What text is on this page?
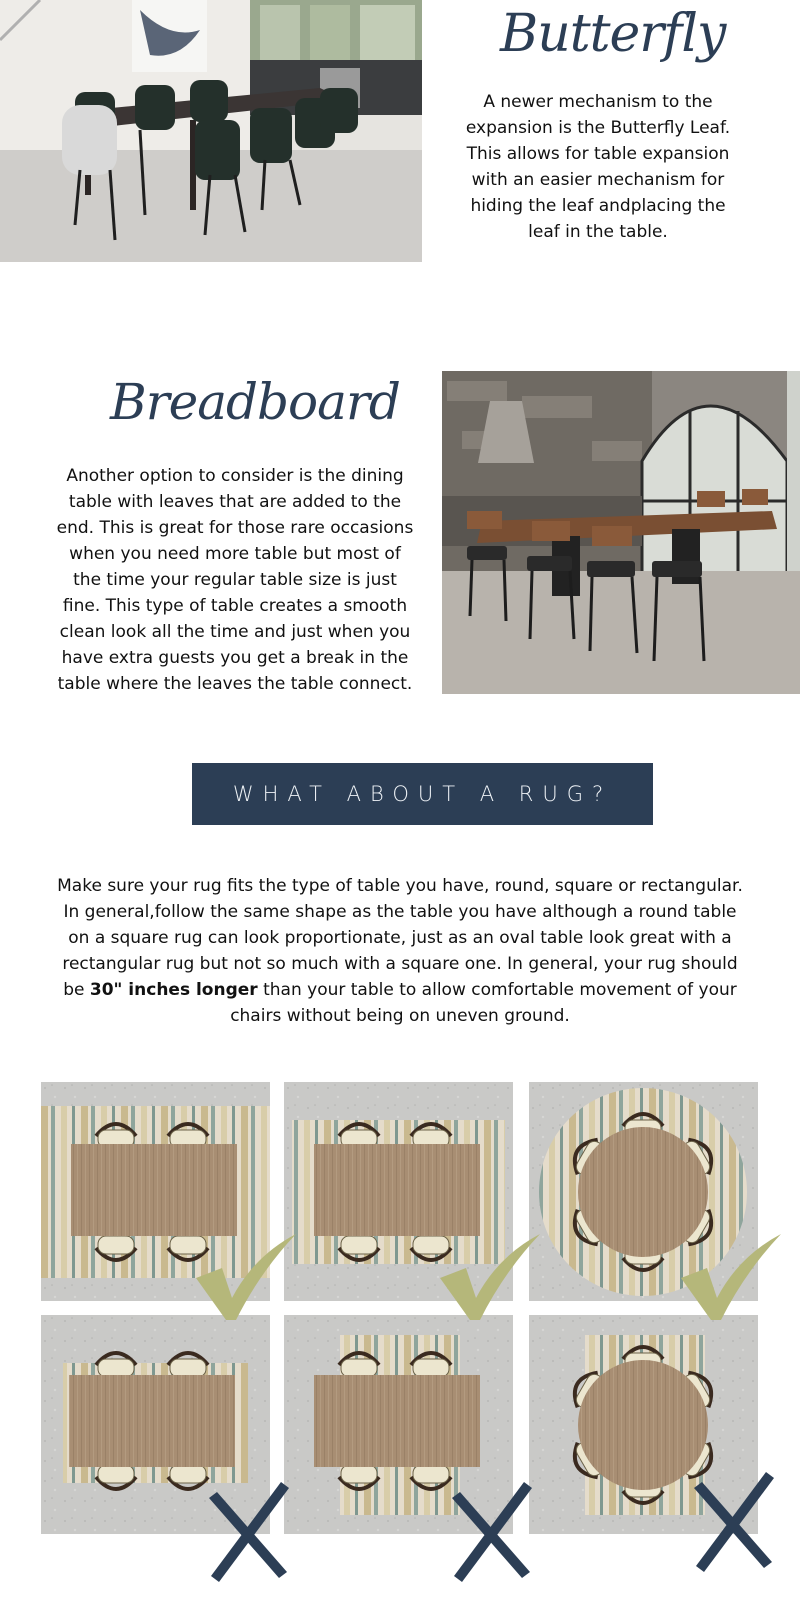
Butterfly
A newer mechanism to the expansion is the Butterfly Leaf. This allows for table expansion with an easier mechanism for hiding the leaf andplacing the leaf in the table.
Breadboard
Another option to consider is the dining table with leaves that are added to the end. This is great for those rare occasions when you need more table but most of the time your regular table size is just fine. This type of table creates a smooth clean look all the time and just when you have extra guests you get a break in the table where the leaves the table connect.
WHAT ABOUT A RUG?
Make sure your rug fits the type of table you have, round, square or rectangular. In general,follow the same shape as the table you have although a round table on a square rug can look proportionate, just as an oval table look great with a rectangular rug but not so much with a square one. In general, your rug should be 30" inches longer than your table to allow comfortable movement of your chairs without being on uneven ground.
